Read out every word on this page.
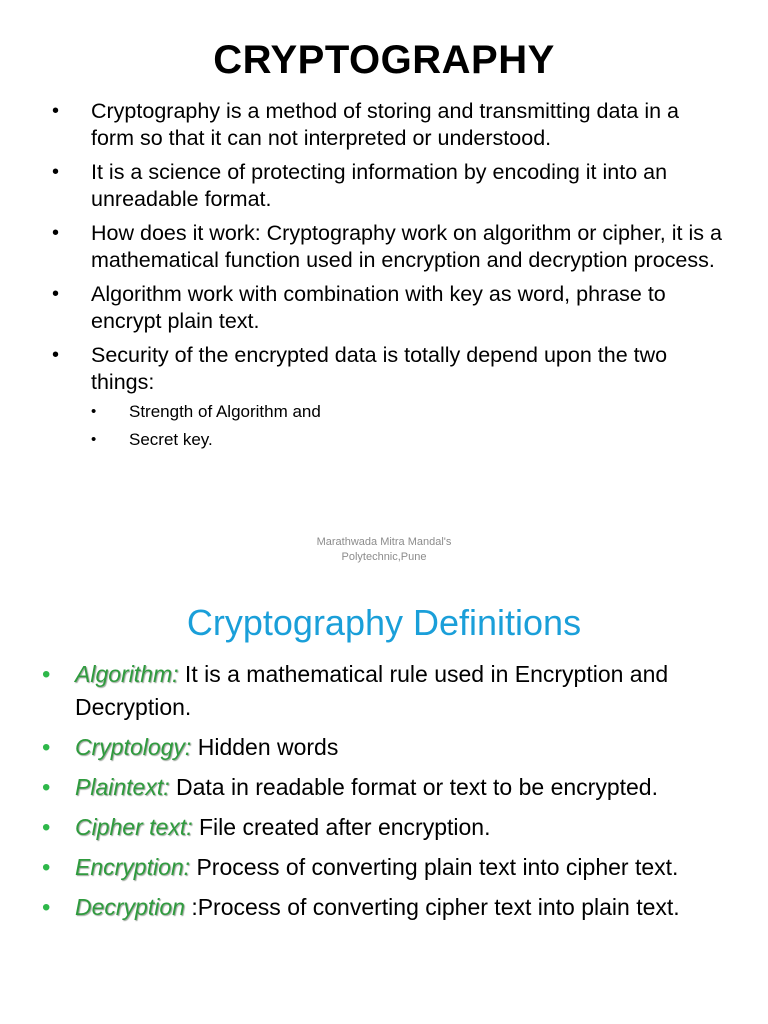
CRYPTOGRAPHY
• Cryptography is a method of storing and transmitting data in a form so that it can not interpreted or understood.
• It is a science of protecting information by encoding it into an unreadable format.
• How does it work: Cryptography work on algorithm or cipher, it is a mathematical function used in encryption and decryption process.
• Algorithm work with combination with key as word, phrase to encrypt plain text.
• Security of the encrypted data is totally depend upon the two things:
• Strength of Algorithm and
• Secret key.
Marathwada Mitra Mandal's
Polytechnic,Pune
Cryptography Definitions
• Algorithm: It is a mathematical rule used in Encryption and Decryption.
• Cryptology: Hidden words
• Plaintext: Data in readable format or text to be encrypted.
• Cipher text: File created after encryption.
• Encryption: Process of converting plain text into cipher text.
• Decryption :Process of converting cipher text into plain text.
